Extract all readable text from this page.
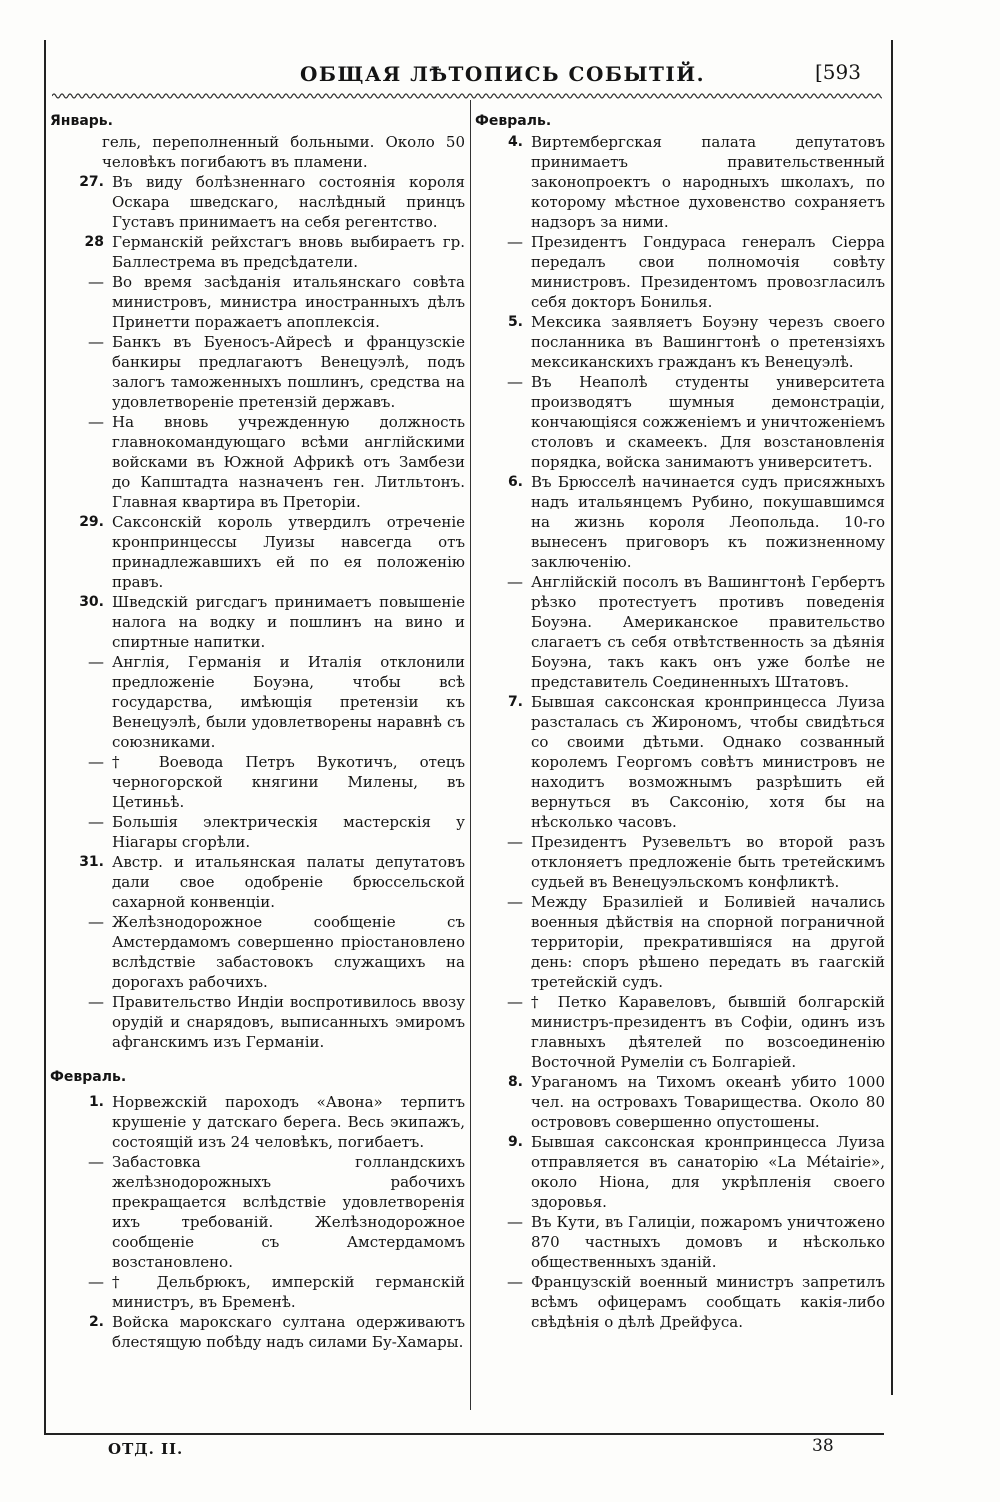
ОБЩАЯ ЛѢТОПИСЬ СОБЫТІЙ.	[593
Январь.
гель, переполненный больными. Около 50 человѣкъ погибаютъ въ пламени.
27. Въ виду болѣзненнаго состоянія короля Оскара шведскаго, наслѣдный принцъ Густавъ принимаетъ на себя регентство.
28 Германскій рейхстагъ вновь выбираетъ гр. Баллестрема въ предсѣдатели.
— Во время засѣданія итальянскаго совѣта министровъ, министра иностранныхъ дѣлъ Принетти поражаетъ апоплексія.
— Банкъ въ Буеносъ-Айресѣ и французскіе банкиры предлагаютъ Венецуэлѣ, подъ залогъ таможенныхъ пошлинъ, средства на удовлетвореніе претензій державъ.
— На вновь учрежденную должность главнокомандующаго всѣми англійскими войсками въ Южной Африкѣ отъ Замбези до Капштадта назначенъ ген. Литльтонъ. Главная квартира въ Преторіи.
29. Саксонскій король утвердилъ отреченіе кронпринцессы Луизы навсегда отъ принадлежавшихъ ей по ея положенію правъ.
30. Шведскій ригсдагъ принимаетъ повышеніе налога на водку и пошлинъ на вино и спиртные напитки.
— Англія, Германія и Италія отклонили предложеніе Боуэна, чтобы всѣ государства, имѣющія претензіи къ Венецуэлѣ, были удовлетворены наравнѣ съ союзниками.
— † Воевода Петръ Вукотичъ, отецъ черногорской княгини Милены, въ Цетиньѣ.
— Большія электрическія мастерскія у Ніагары сгорѣли.
31. Австр. и итальянская палаты депутатовъ дали свое одобреніе брюссельской сахарной конвенціи.
— Желѣзнодорожное сообщеніе съ Амстердамомъ совершенно пріостановлено вслѣдствіе забастовокъ служащихъ на дорогахъ рабочихъ.
— Правительство Индіи воспротивилось ввозу орудій и снарядовъ, выписанныхъ эмиромъ афганскимъ изъ Германіи.
Февраль.
1. Норвежскій пароходъ «Авона» терпитъ крушеніе у датскаго берега. Весь экипажъ, состоящій изъ 24 человѣкъ, погибаетъ.
— Забастовка голландскихъ желѣзнодорожныхъ рабочихъ прекращается вслѣдствіе удовлетворенія ихъ требованій. Желѣзнодорожное сообщеніе съ Амстердамомъ возстановлено.
— † Дельбрюкъ, имперскій германскій министръ, въ Бременѣ.
2. Войска марокскаго султана одерживаютъ блестящую побѣду надъ силами Бу-Хамары.
Февраль.
4. Виртембергская палата депутатовъ принимаетъ правительственный законопроектъ о народныхъ школахъ, по которому мѣстное духовенство сохраняетъ надзоръ за ними.
— Президентъ Гондураса генералъ Сіерра передалъ свои полномочія совѣту министровъ. Президентомъ провозгласилъ себя докторъ Бонилья.
5. Мексика заявляетъ Боуэну черезъ своего посланника въ Вашингтонѣ о претензіяхъ мексиканскихъ гражданъ къ Венецуэлѣ.
— Въ Неаполѣ студенты университета производятъ шумныя демонстраціи, кончающіяся сожженіемъ и уничтоженіемъ столовъ и скамеекъ. Для возстановленія порядка, войска занимаютъ университетъ.
6. Въ Брюсселѣ начинается судъ присяжныхъ надъ итальянцемъ Рубино, покушавшимся на жизнь короля Леопольда. 10-го вынесенъ приговоръ къ пожизненному заключенію.
— Англійскій посолъ въ Вашингтонѣ Гербертъ рѣзко протестуетъ противъ поведенія Боуэна. Американское правительство слагаетъ съ себя отвѣтственность за дѣянія Боуэна, такъ какъ онъ уже болѣе не представитель Соединенныхъ Штатовъ.
7. Бывшая саксонская кронпринцесса Луиза разсталась съ Жирономъ, чтобы свидѣться со своими дѣтьми. Однако созванный королемъ Георгомъ совѣтъ министровъ не находитъ возможнымъ разрѣшить ей вернуться въ Саксонію, хотя бы на нѣсколько часовъ.
— Президентъ Рузевельтъ во второй разъ отклоняетъ предложеніе быть третейскимъ судьей въ Венецуэльскомъ конфликтѣ.
— Между Бразиліей и Боливіей начались военныя дѣйствія на спорной пограничной территоріи, прекратившіяся на другой день: споръ рѣшено передать въ гаагскій третейскій судъ.
— † Петко Каравеловъ, бывшій болгарскій министръ-президентъ въ Софіи, одинъ изъ главныхъ дѣятелей по возсоединенію Восточной Румеліи съ Болгаріей.
8. Ураганомъ на Тихомъ океанѣ убито 1000 чел. на островахъ Товарищества. Около 80 острововъ совершенно опустошены.
9. Бывшая саксонская кронпринцесса Луиза отправляется въ санаторію «La Métairie», около Ніона, для укрѣпленія своего здоровья.
— Въ Кути, въ Галиціи, пожаромъ уничтожено 870 частныхъ домовъ и нѣсколько общественныхъ зданій.
— Французскій военный министръ запретилъ всѣмъ офицерамъ сообщать какія-либо свѣдѣнія о дѣлѣ Дрейфуса.
ОТД. II.	38
